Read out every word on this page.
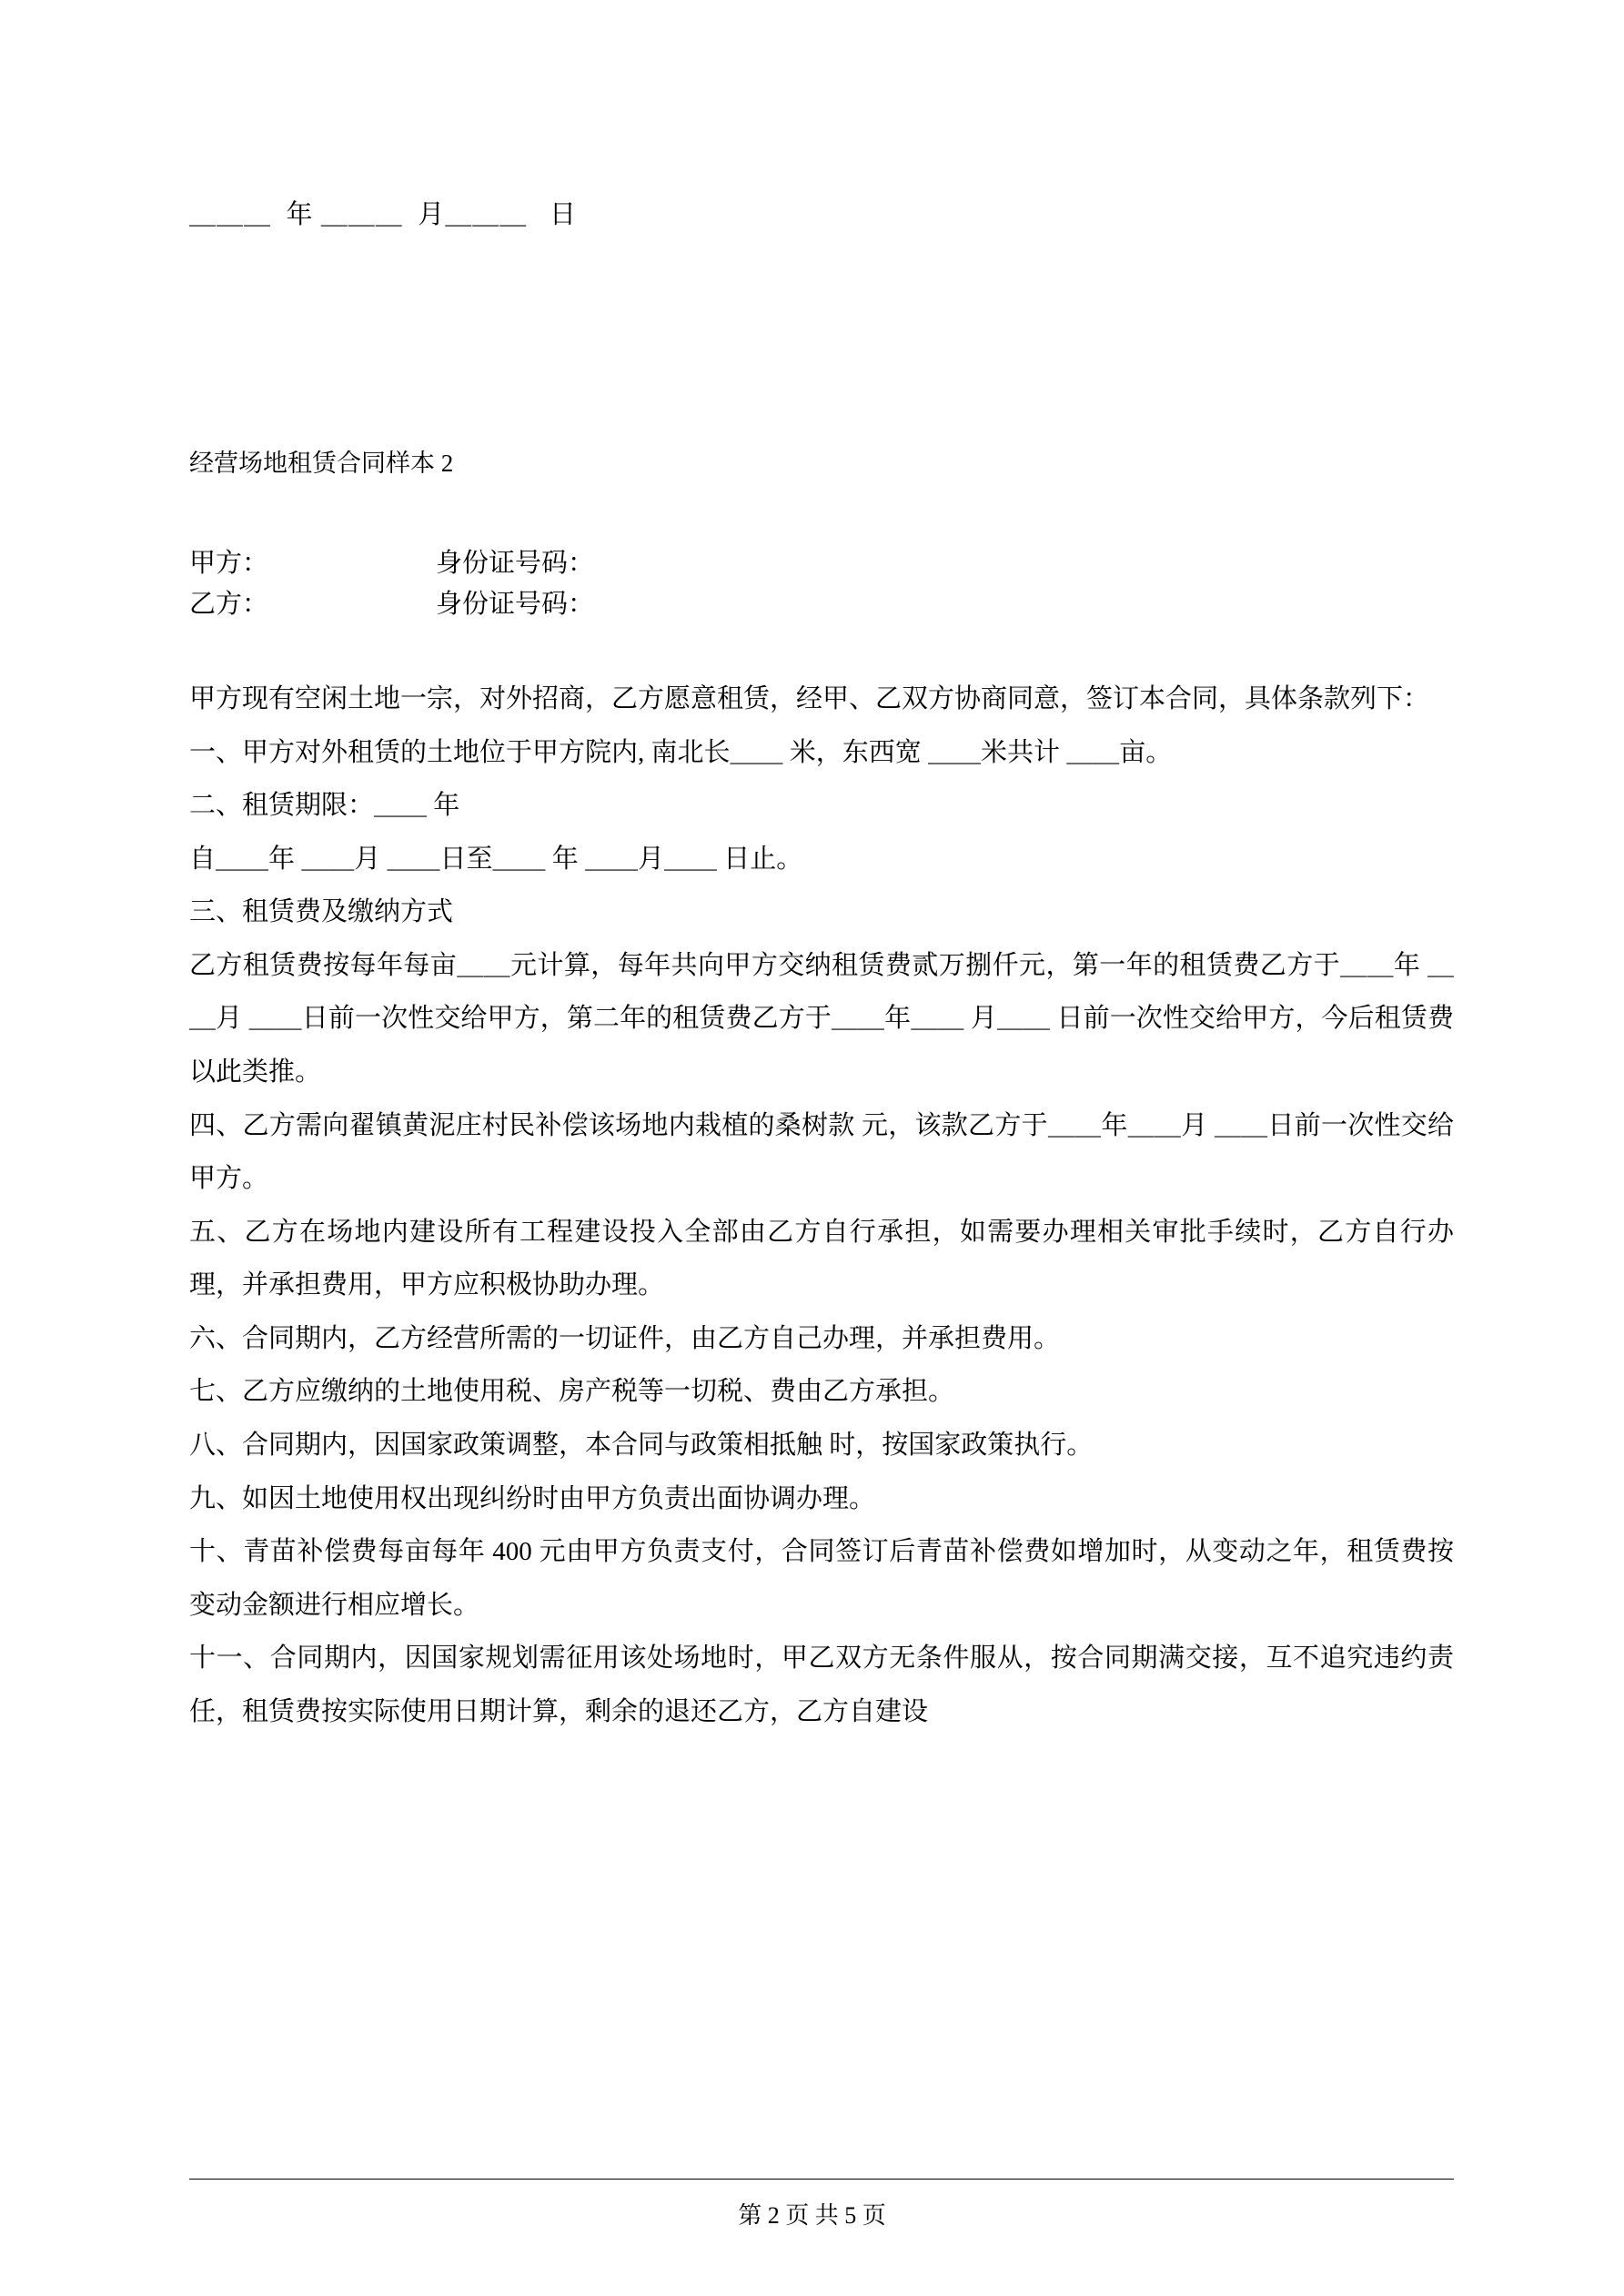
＿＿＿  年 ＿＿＿  月＿＿＿   日
经营场地租赁合同样本 2
甲方：	身份证号码：
乙方：	身份证号码：

甲方现有空闲土地一宗，对外招商，乙方愿意租赁，经甲、乙双方协商同意，签订本合同，具体条款列下：

一、甲方对外租赁的土地位于甲方院内, 南北长＿＿ 米，东西宽 ＿＿米共计 ＿＿亩。

二、租赁期限：＿＿ 年

自＿＿年 ＿＿月 ＿＿日至＿＿ 年 ＿＿月＿＿ 日止。

三、租赁费及缴纳方式

乙方租赁费按每年每亩＿＿元计算，每年共向甲方交纳租赁费贰万捌仟元，第一年的租赁费乙方于＿＿年 ＿＿月 ＿＿日前一次性交给甲方，第二年的租赁费乙方于＿＿年＿＿ 月＿＿ 日前一次性交给甲方，今后租赁费以此类推。

四、乙方需向翟镇黄泥庄村民补偿该场地内栽植的桑树款 元，该款乙方于＿＿年＿＿月 ＿＿日前一次性交给甲方。

五、乙方在场地内建设所有工程建设投入全部由乙方自行承担，如需要办理相关审批手续时，乙方自行办理，并承担费用，甲方应积极协助办理。

六、合同期内，乙方经营所需的一切证件，由乙方自己办理，并承担费用。

七、乙方应缴纳的土地使用税、房产税等一切税、费由乙方承担。

八、合同期内，因国家政策调整，本合同与政策相抵触 时，按国家政策执行。

九、如因土地使用权出现纠纷时由甲方负责出面协调办理。

十、青苗补偿费每亩每年 400 元由甲方负责支付，合同签订后青苗补偿费如增加时，从变动之年，租赁费按变动金额进行相应增长。

十一、合同期内，因国家规划需征用该处场地时，甲乙双方无条件服从，按合同期满交接，互不追究违约责任，租赁费按实际使用日期计算，剩余的退还乙方，乙方自建设

第 2 页 共 5 页
